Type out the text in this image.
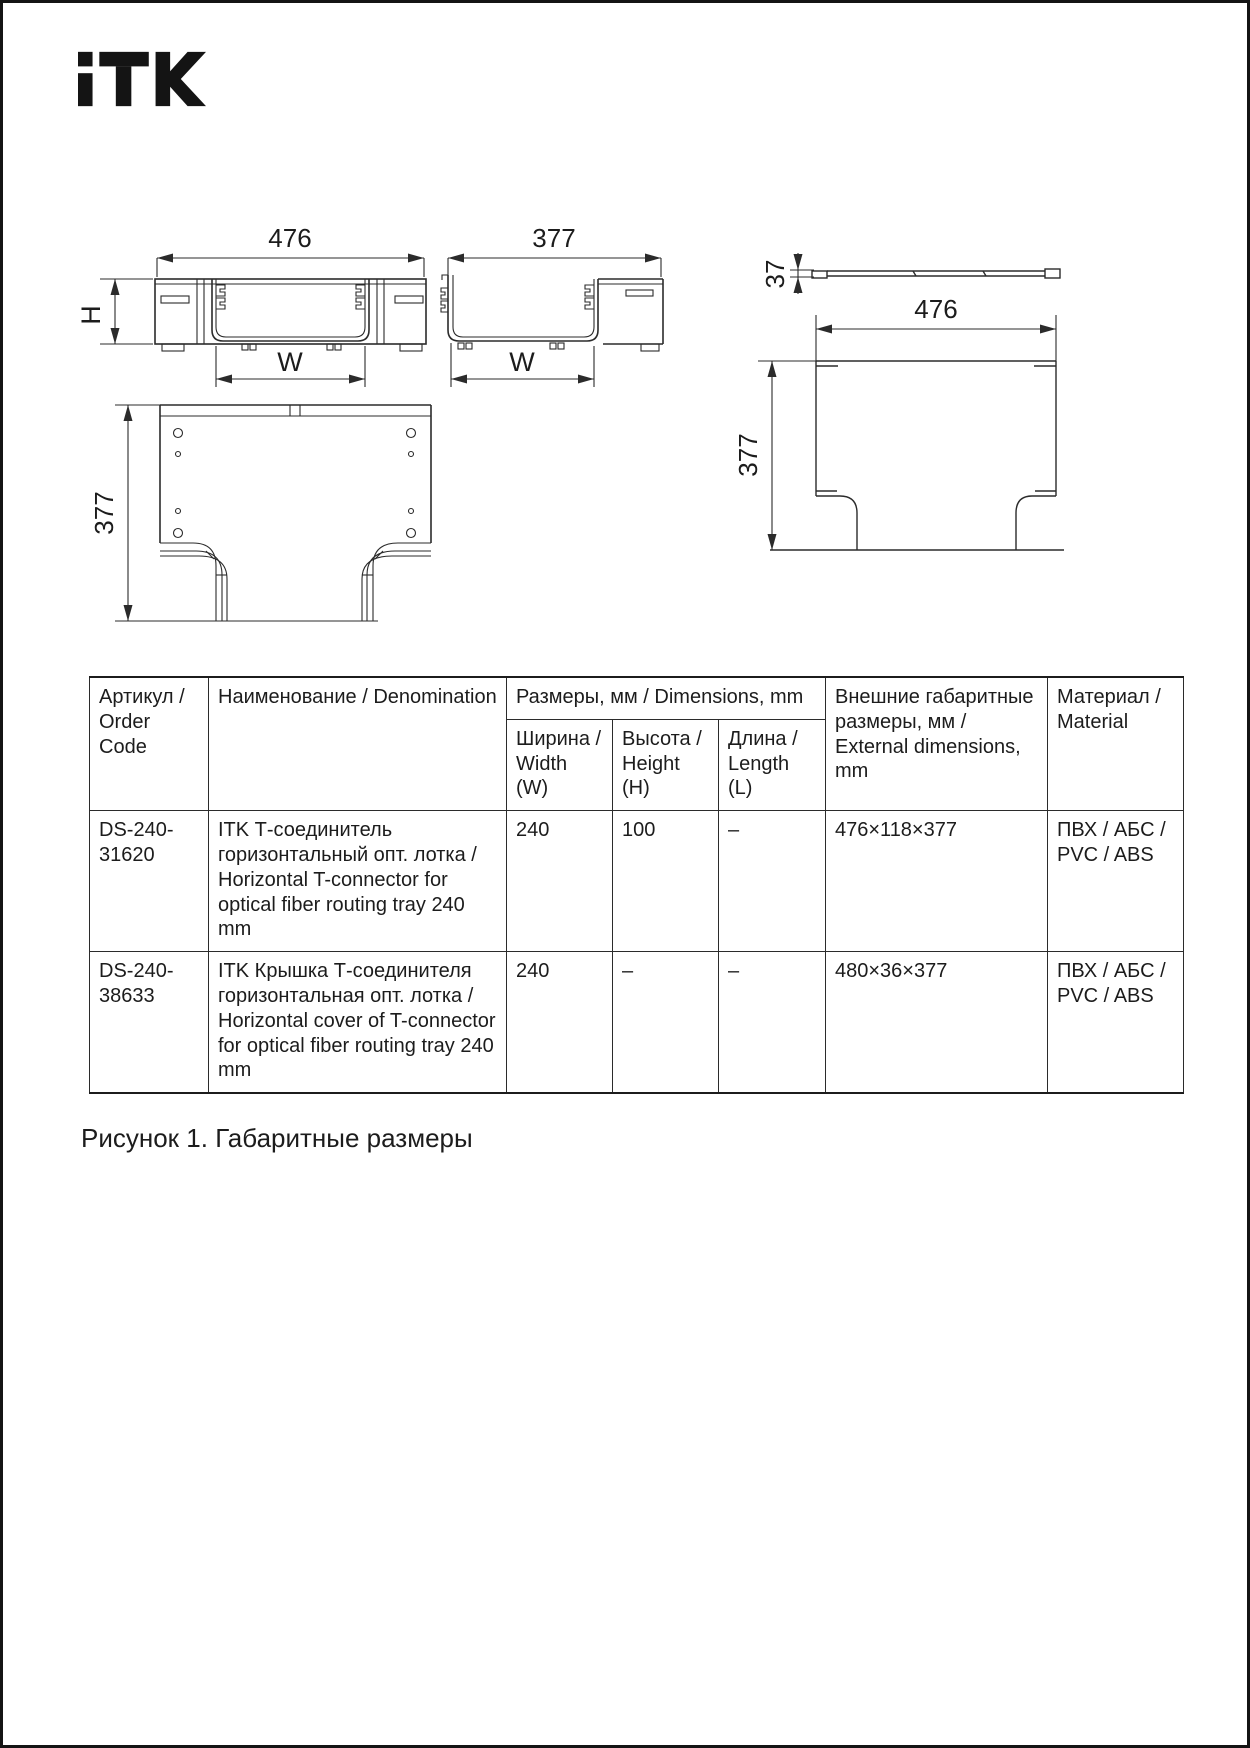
476
H
W
377
W
37
476
377
377
Артикул / Order Code	Наименование / Denomination	Размеры, мм / Dimensions, mm			Внешние габаритные размеры, мм / External dimensions, mm	Материал / Material
		Ширина / Width (W)	Высота / Height (H)	Длина / Length (L)		
DS-240-31620	ITK Т-соединитель горизонтальный опт. лотка / Horizontal T-connector for optical fiber routing tray 240 mm	240	100	–	476×118×377	ПВХ / АБС / PVC / ABS
DS-240-38633	ITK Крышка Т-соединителя горизонтальная опт. лотка / Horizontal cover of T-connector for optical fiber routing tray 240 mm	240	–	–	480×36×377	ПВХ / АБС / PVC / ABS
Рисунок 1. Габаритные размеры
